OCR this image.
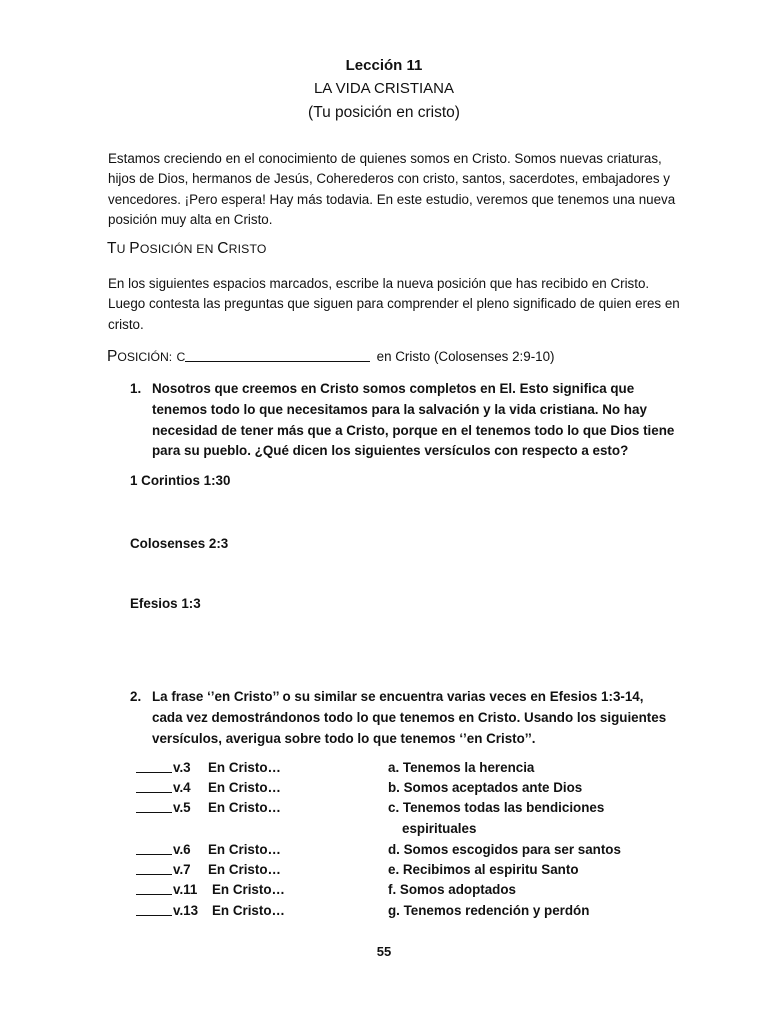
Lección 11
LA VIDA CRISTIANA
(Tu posición en cristo)
Estamos creciendo en el conocimiento de quienes somos en Cristo. Somos nuevas criaturas, hijos de Dios, hermanos de Jesús, Coherederos con cristo, santos, sacerdotes, embajadores y vencedores. ¡Pero espera! Hay más todavia. En este estudio, veremos que tenemos una nueva posición muy alta en Cristo.
TU POSICIÓN EN CRISTO
En los siguientes espacios marcados, escribe la nueva posición que has recibido en Cristo. Luego contesta las preguntas que siguen para comprender el pleno significado de quien eres en cristo.
POSICIÓN: C	en Cristo (Colosenses 2:9-10)
1. Nosotros que creemos en Cristo somos completos en El. Esto significa que tenemos todo lo que necesitamos para la salvación y la vida cristiana. No hay necesidad de tener más que a Cristo, porque en el tenemos todo lo que Dios tiene para su pueblo. ¿Qué dicen los siguientes versículos con respecto a esto?
1 Corintios 1:30
Colosenses 2:3
Efesios 1:3
2. La frase ‘’en Cristo’’ o su similar se encuentra varias veces en Efesios 1:3-14, cada vez demostrándonos todo lo que tenemos en Cristo. Usando los siguientes versículos, averigua sobre todo lo que tenemos ‘’en Cristo’’.
v.3 En Cristo…	a. Tenemos la herencia
v.4 En Cristo…	b. Somos aceptados ante Dios
v.5 En Cristo…	c. Tenemos todas las bendiciones
espirituales
v.6 En Cristo…	d. Somos escogidos para ser santos
v.7 En Cristo…	e. Recibimos al espiritu Santo
v.11 En Cristo…	f. Somos adoptados
v.13 En Cristo…	g. Tenemos redención y perdón
55
